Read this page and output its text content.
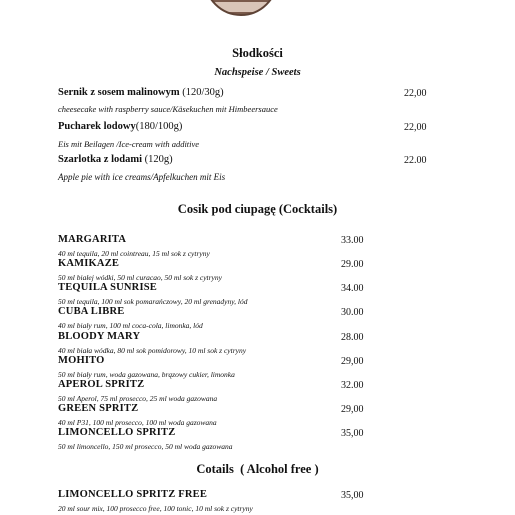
Słodkości
Nachspeise / Sweets
Sernik z sosem malinowym (120/30g)	22,00
cheesecake with raspberry sauce/Käsekuchen mit Himbeersauce
Pucharek lodowy(180/100g)	22,00
Eis mit Beilagen /Ice-cream with additive
Szarlotka z lodami (120g)	22.00
Apple pie with ice creams/Apfelkuchen mit Eis
Cosik pod ciupagę (Cocktails)
MARGARITA	33.00
40 ml tequila, 20 ml cointreau, 15 ml sok z cytryny
KAMIKAZE	29.00
50 ml białej wódki, 50 ml curacao, 50 ml sok z cytryny
TEQUILA SUNRISE	34.00
50 ml tequila, 100 ml sok pomarańczowy, 20 ml grenadyny, lód
CUBA LIBRE	30.00
40 ml biały rum, 100 ml coca-cola, limonka, lód
BLOODY MARY	28.00
40 ml biała wódka, 80 ml sok pomidorowy, 10 ml sok z cytryny
MOHITO	29,00
50 ml biały rum, woda gazowana, brązowy cukier, limonka
APEROL SPRITZ	32.00
50 ml Aperol, 75 ml prosecco, 25 ml woda gazowana
GREEN SPRITZ	29,00
40 ml P31, 100 ml prosecco, 100 ml woda gazowana
LIMONCELLO SPRITZ	35,00
50 ml limoncello, 150 ml prosecco, 50 ml woda gazowana
Cotails  ( Alcohol free )
LIMONCELLO SPRITZ FREE	35,00
20 ml sour mix, 100 prosecco free, 100 tonic, 10 ml sok z cytryny
